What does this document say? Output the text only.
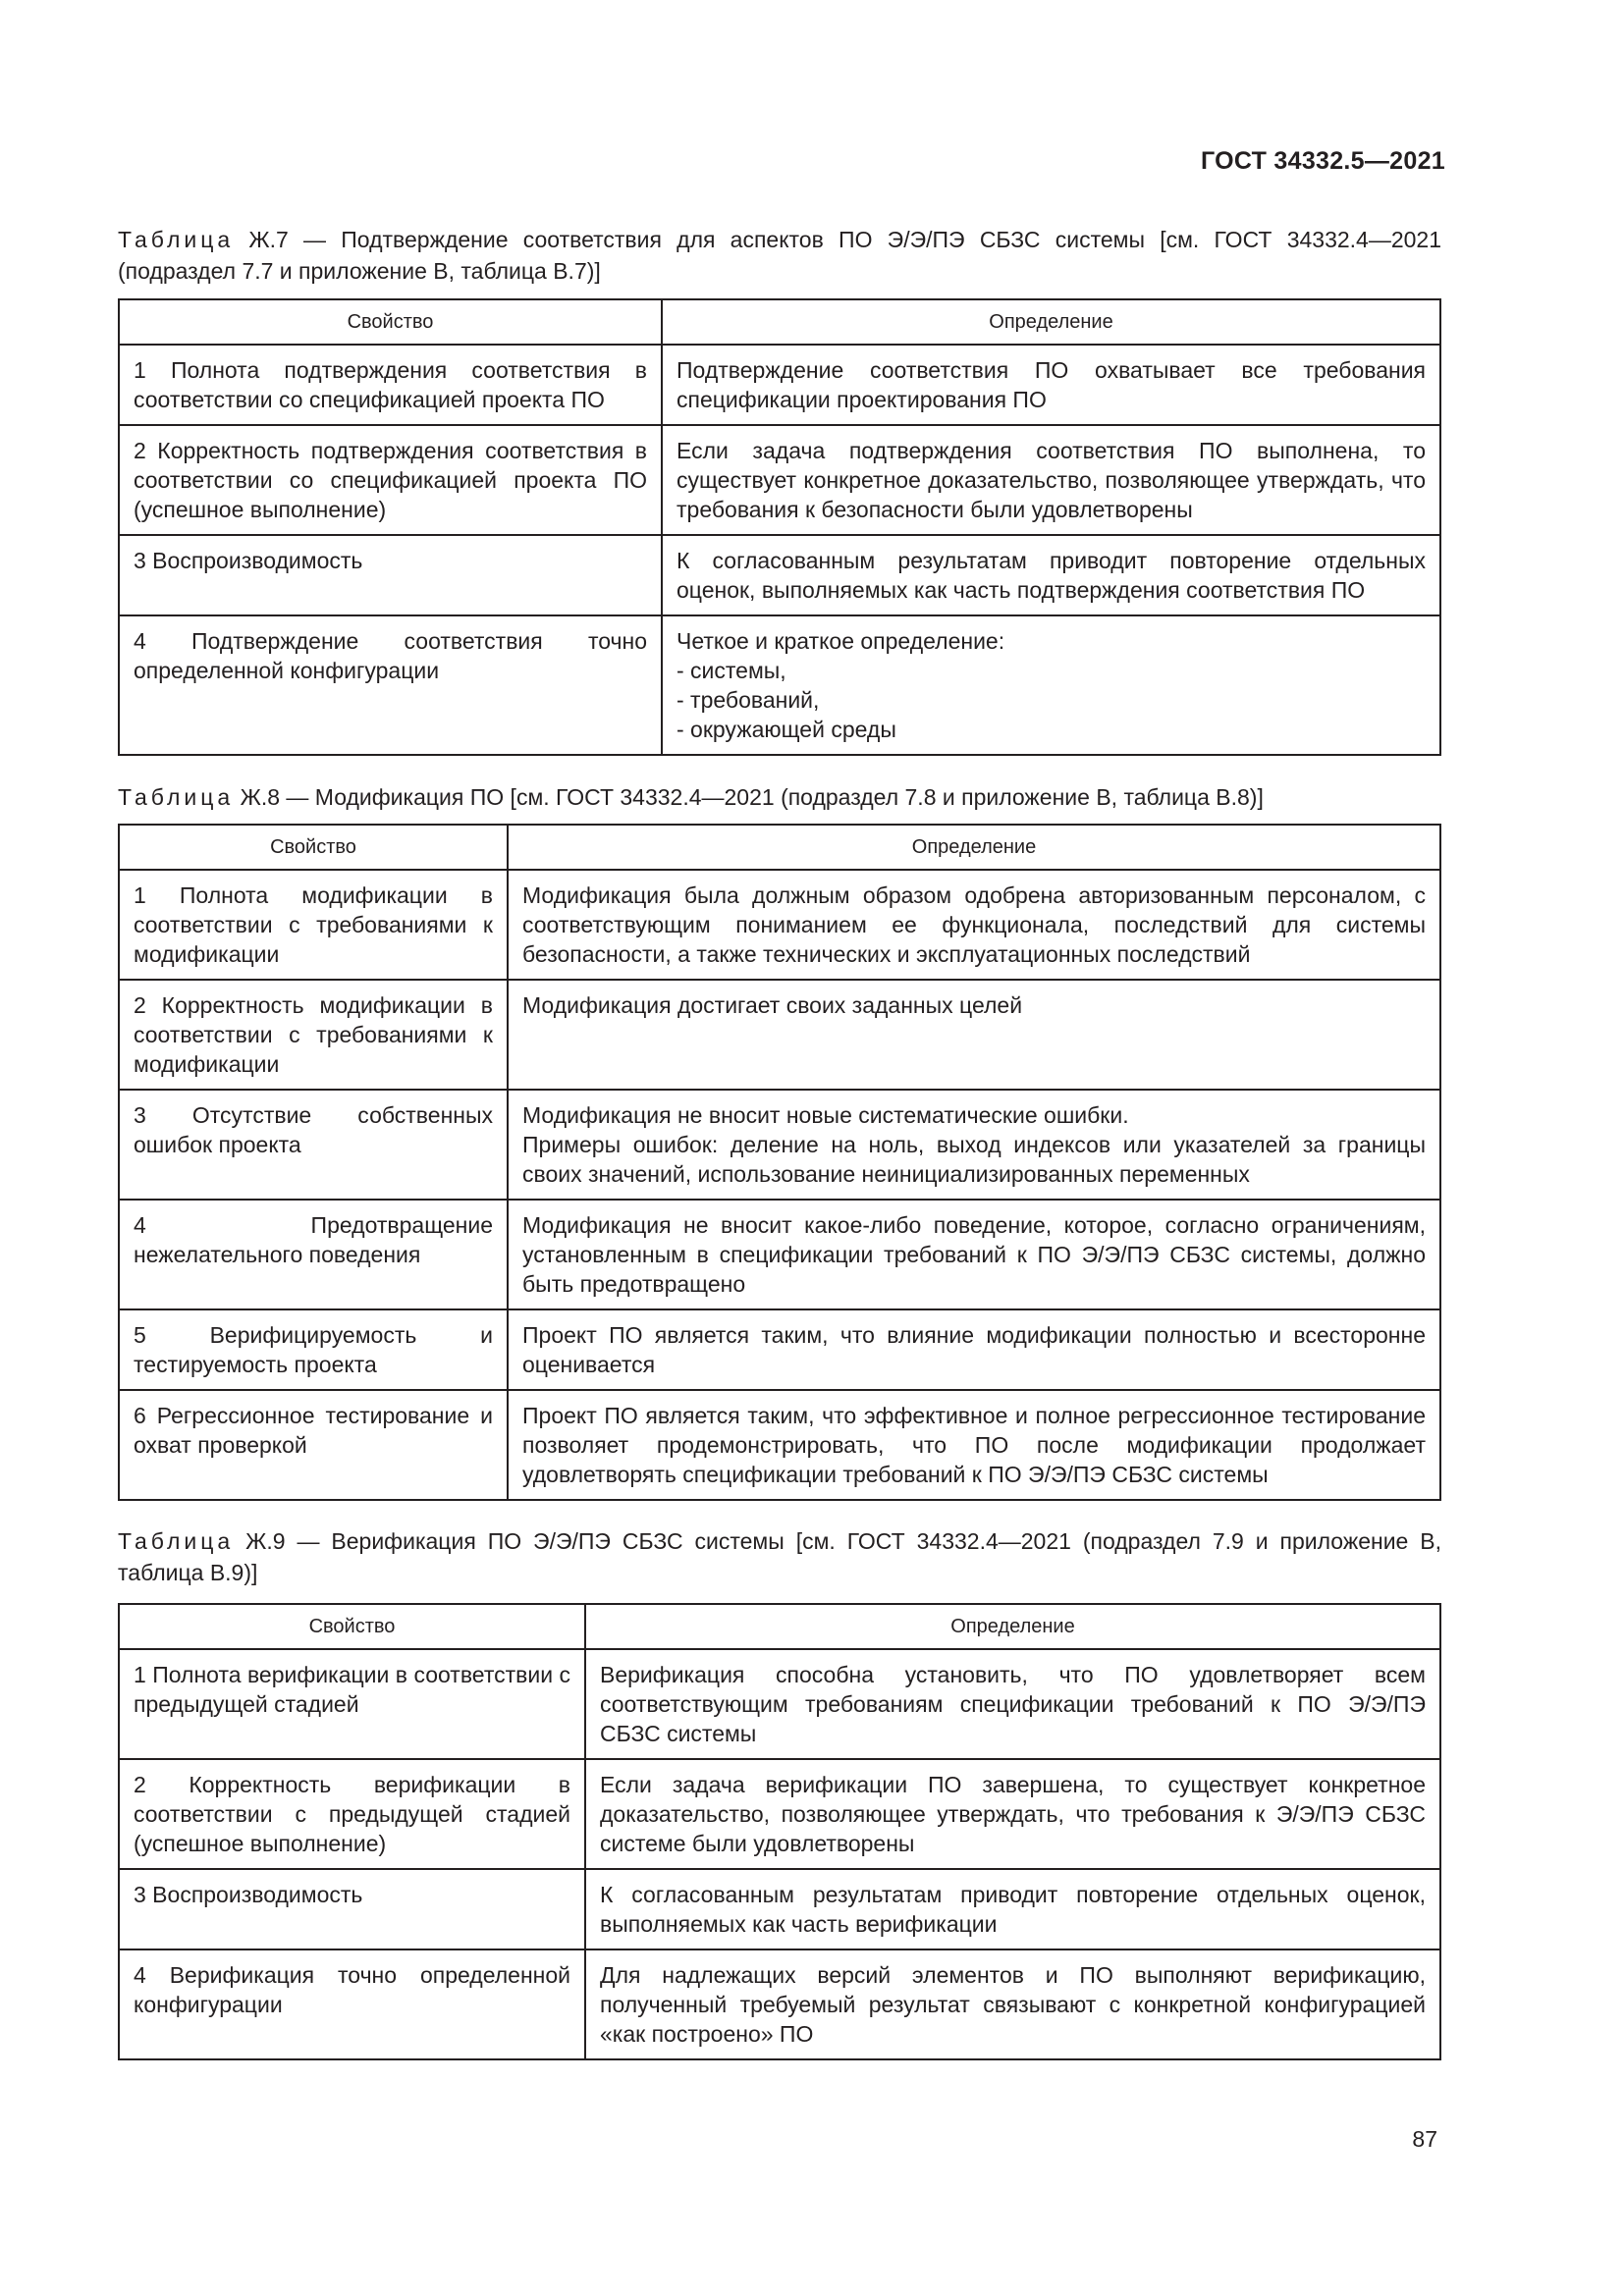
ГОСТ 34332.5—2021

Таблица Ж.7 — Подтверждение соответствия для аспектов ПО Э/Э/ПЭ СБЗС системы [см. ГОСТ 34332.4—2021 (подраздел 7.7 и приложение В, таблица В.7)]

Свойство	Определение
1 Полнота подтверждения соответствия в соответствии со спецификацией проекта ПО	Подтверждение соответствия ПО охватывает все требования спецификации проектирования ПО

2 Корректность подтверждения соответствия в соответствии со спецификацией проекта ПО (успешное выполнение)	Если задача подтверждения соответствия ПО выполнена, то существует конкретное доказательство, позволяющее утверждать, что требования к безопасности были удовлетворены

3 Воспроизводимость	К согласованным результатам приводит повторение отдельных оценок, выполняемых как часть подтверждения соответствия ПО

4 Подтверждение соответствия точно определенной конфигурации	Четкое и краткое определение:
- системы,
- требований,
- окружающей среды

Таблица Ж.8 — Модификация ПО [см. ГОСТ 34332.4—2021 (подраздел 7.8 и приложение В, таблица В.8)]

Свойство	Определение
1 Полнота модификации в соответствии с требованиями к модификации	Модификация была должным образом одобрена авторизованным персоналом, с соответствующим пониманием ее функционала, последствий для системы безопасности, а также технических и эксплуатационных последствий

2 Корректность модификации в соответствии с требованиями к модификации	Модификация достигает своих заданных целей

3 Отсутствие собственных ошибок проекта	Модификация не вносит новые систематические ошибки.
Примеры ошибок: деление на ноль, выход индексов или указателей за границы своих значений, использование неинициализированных переменных

4 Предотвращение нежелательного поведения	Модификация не вносит какое-либо поведение, которое, согласно ограничениям, установленным в спецификации требований к ПО Э/Э/ПЭ СБЗС системы, должно быть предотвращено

5 Верифицируемость и тестируемость проекта	Проект ПО является таким, что влияние модификации полностью и всесторонне оценивается

6 Регрессионное тестирование и охват проверкой	Проект ПО является таким, что эффективное и полное регрессионное тестирование позволяет продемонстрировать, что ПО после модификации продолжает удовлетворять спецификации требований к ПО Э/Э/ПЭ СБЗС системы

Таблица Ж.9 — Верификация ПО Э/Э/ПЭ СБЗС системы [см. ГОСТ 34332.4—2021 (подраздел 7.9 и приложение В, таблица В.9)]

Свойство	Определение
1 Полнота верификации в соответствии с предыдущей стадией	Верификация способна установить, что ПО удовлетворяет всем соответствующим требованиям спецификации требований к ПО Э/Э/ПЭ СБЗС системы

2 Корректность верификации в соответствии с предыдущей стадией (успешное выполнение)	Если задача верификации ПО завершена, то существует конкретное доказательство, позволяющее утверждать, что требования к Э/Э/ПЭ СБЗС системе были удовлетворены

3 Воспроизводимость	К согласованным результатам приводит повторение отдельных оценок, выполняемых как часть верификации

4 Верификация точно определенной конфигурации	Для надлежащих версий элементов и ПО выполняют верификацию, полученный требуемый результат связывают с конкретной конфигурацией «как построено» ПО
87
